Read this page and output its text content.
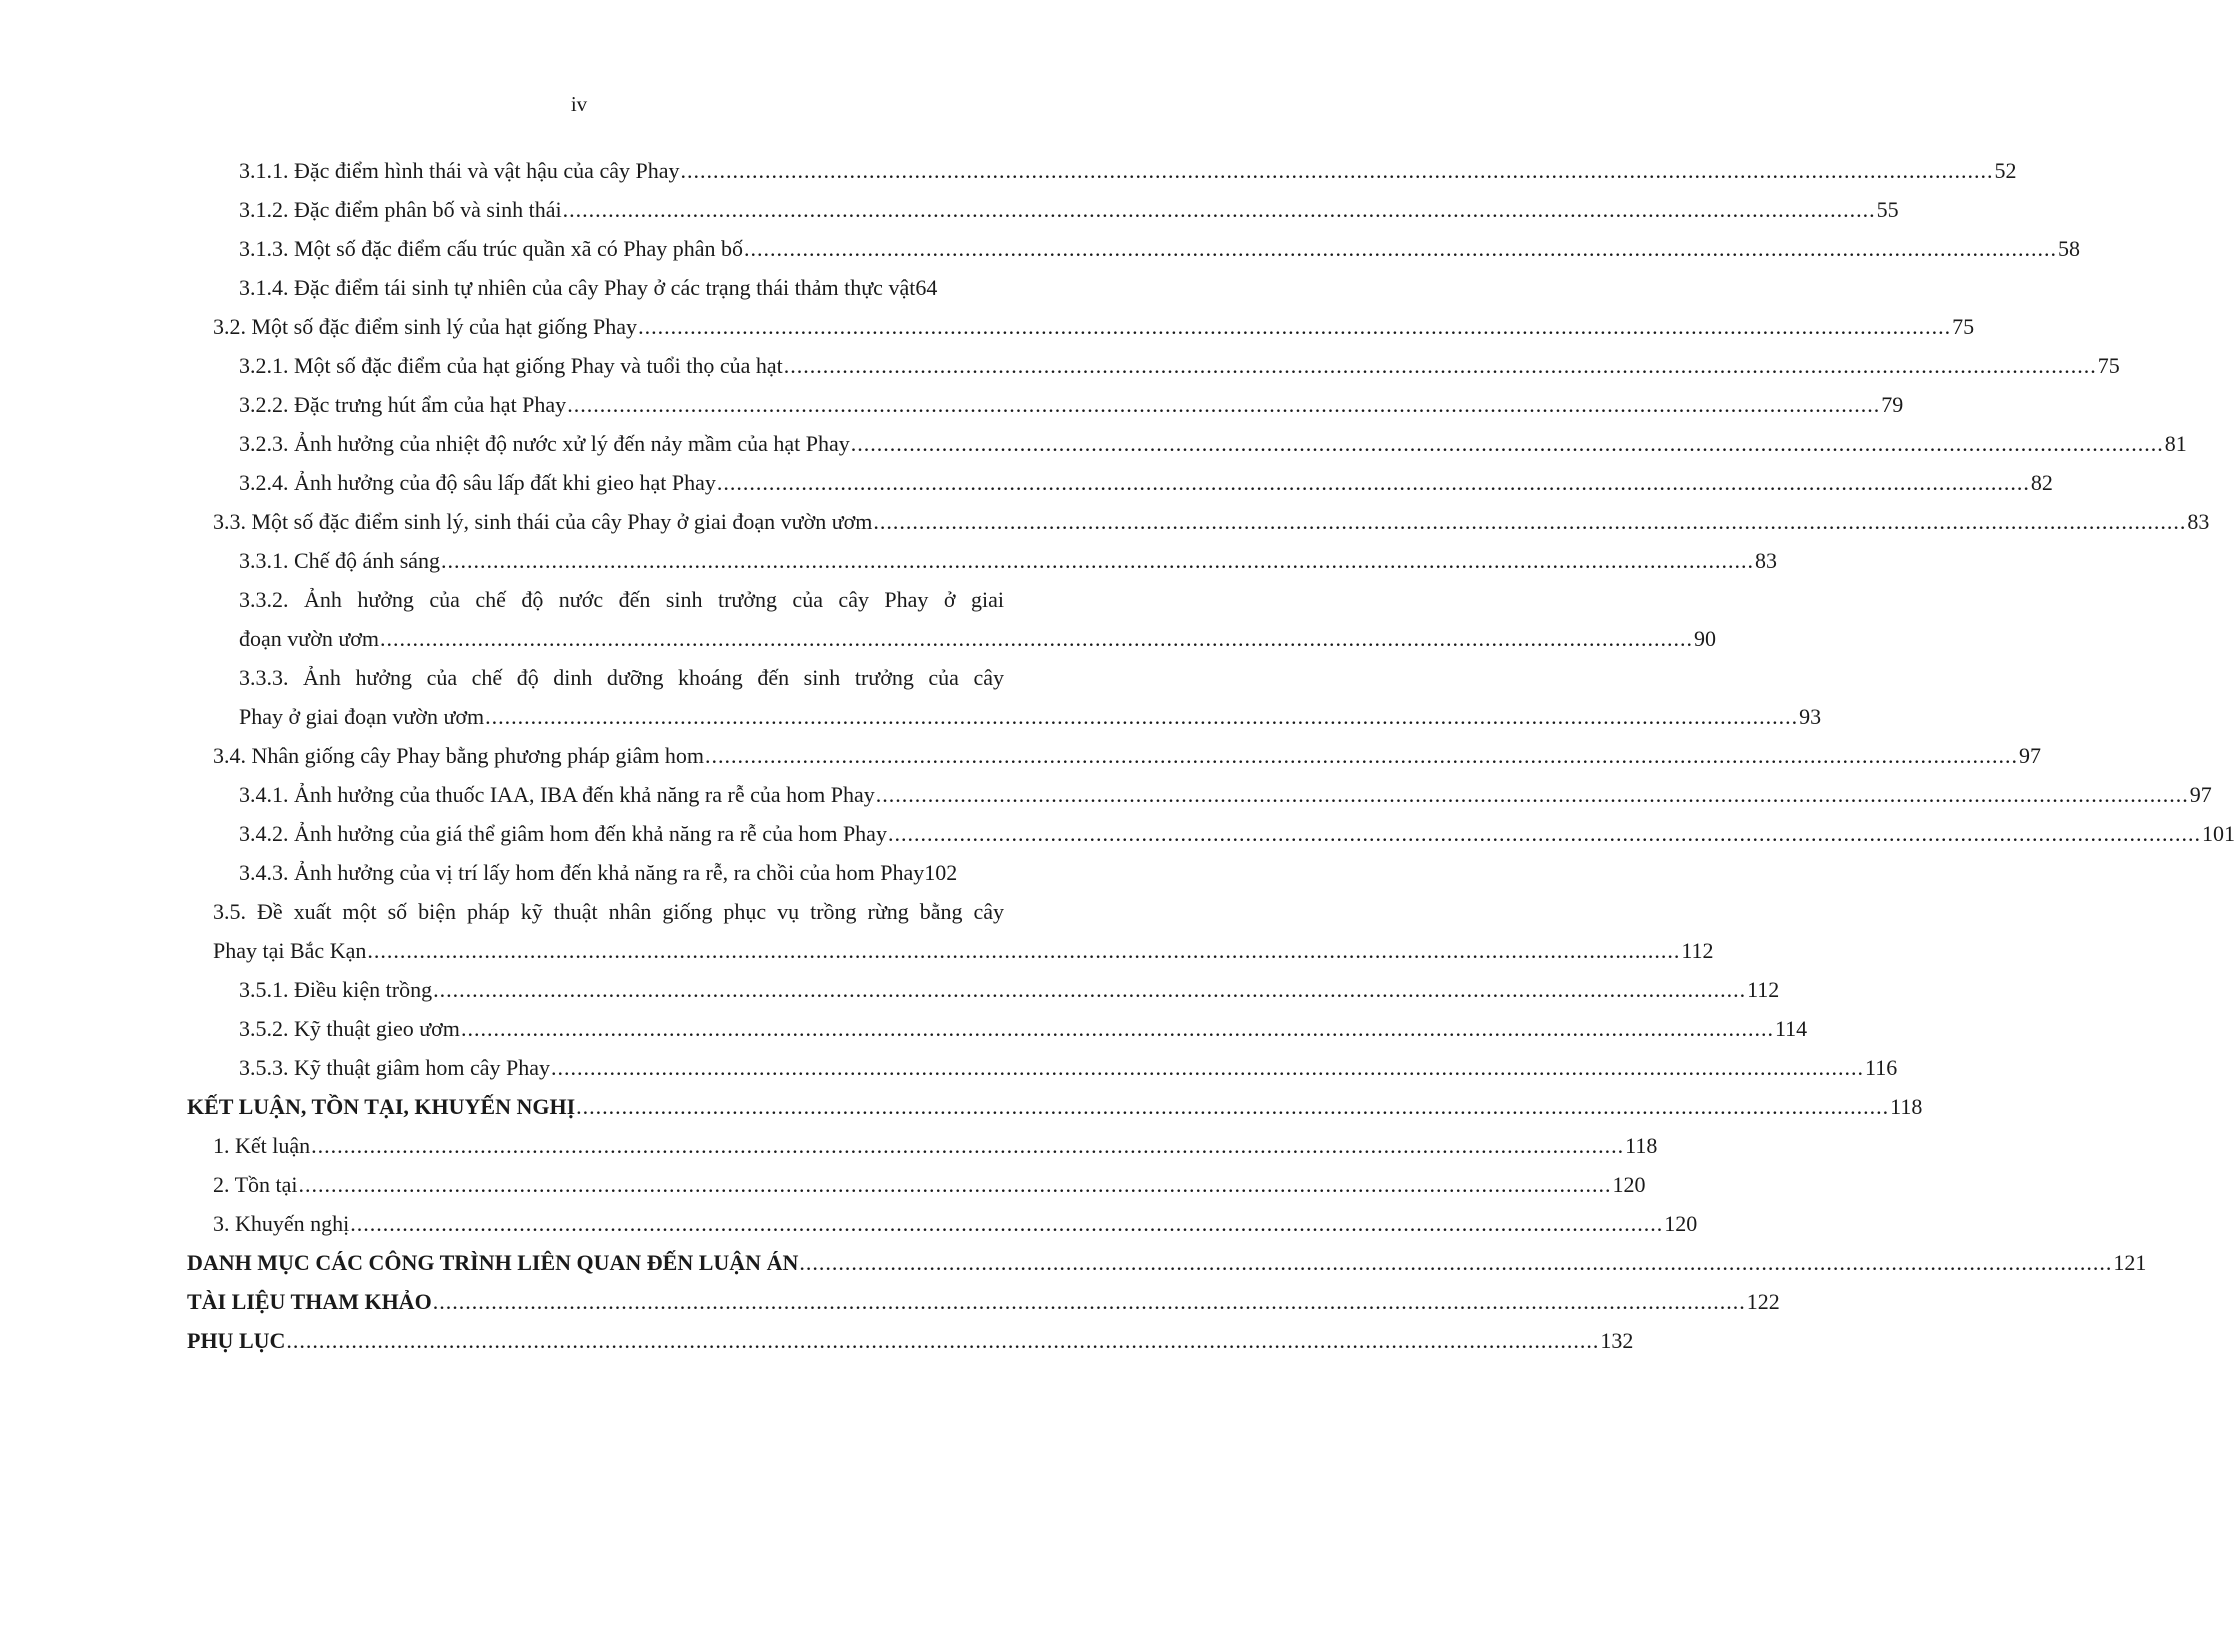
iv
3.1.1. Đặc điểm hình thái và vật hậu của cây Phay .......................................................................................................................................................................................................... 52
3.1.2. Đặc điểm phân bố và sinh thái .......................................................................................................................................................................................................... 55
3.1.3. Một số đặc điểm cấu trúc quần xã có Phay phân bố .......................................................................................................................................................................................................... 58
3.1.4. Đặc điểm tái sinh tự nhiên của cây Phay ở các trạng thái thảm thực vật 64
3.2. Một số đặc điểm sinh lý của hạt giống Phay .......................................................................................................................................................................................................... 75
3.2.1. Một số đặc điểm của hạt giống Phay và tuổi thọ của hạt .......................................................................................................................................................................................................... 75
3.2.2. Đặc trưng hút ẩm của hạt Phay .......................................................................................................................................................................................................... 79
3.2.3. Ảnh hưởng của nhiệt độ nước xử lý đến nảy mầm của hạt Phay .......................................................................................................................................................................................................... 81
3.2.4. Ảnh hưởng của độ sâu lấp đất khi gieo hạt Phay .......................................................................................................................................................................................................... 82
3.3. Một số đặc điểm sinh lý, sinh thái của cây Phay ở giai đoạn vườn ươm .......................................................................................................................................................................................................... 83
3.3.1. Chế độ ánh sáng .......................................................................................................................................................................................................... 83
3.3.2. Ảnh hưởng của chế độ nước đến sinh trưởng của cây Phay ở giai
đoạn vườn ươm .......................................................................................................................................................................................................... 90
3.3.3. Ảnh hưởng của chế độ dinh dưỡng khoáng đến sinh trưởng của cây
Phay ở giai đoạn vườn ươm .......................................................................................................................................................................................................... 93
3.4. Nhân giống cây Phay bằng phương pháp giâm hom .......................................................................................................................................................................................................... 97
3.4.1. Ảnh hưởng của thuốc IAA, IBA đến khả năng ra rễ của hom Phay .......................................................................................................................................................................................................... 97
3.4.2. Ảnh hưởng của giá thể giâm hom đến khả năng ra rễ của hom Phay .......................................................................................................................................................................................................... 101
3.4.3. Ảnh hưởng của vị trí lấy hom đến khả năng ra rễ, ra chồi của hom Phay 102
3.5. Đề xuất một số biện pháp kỹ thuật nhân giống phục vụ trồng rừng bằng cây
Phay tại Bắc Kạn .......................................................................................................................................................................................................... 112
3.5.1. Điều kiện trồng .......................................................................................................................................................................................................... 112
3.5.2. Kỹ thuật gieo ươm .......................................................................................................................................................................................................... 114
3.5.3. Kỹ thuật giâm hom cây Phay .......................................................................................................................................................................................................... 116
KẾT LUẬN, TỒN TẠI, KHUYẾN NGHỊ .......................................................................................................................................................................................................... 118
1. Kết luận .......................................................................................................................................................................................................... 118
2. Tồn tại .......................................................................................................................................................................................................... 120
3. Khuyến nghị .......................................................................................................................................................................................................... 120
DANH MỤC CÁC CÔNG TRÌNH LIÊN QUAN ĐẾN LUẬN ÁN .......................................................................................................................................................................................................... 121
TÀI LIỆU THAM KHẢO .......................................................................................................................................................................................................... 122
PHỤ LỤC .......................................................................................................................................................................................................... 132
